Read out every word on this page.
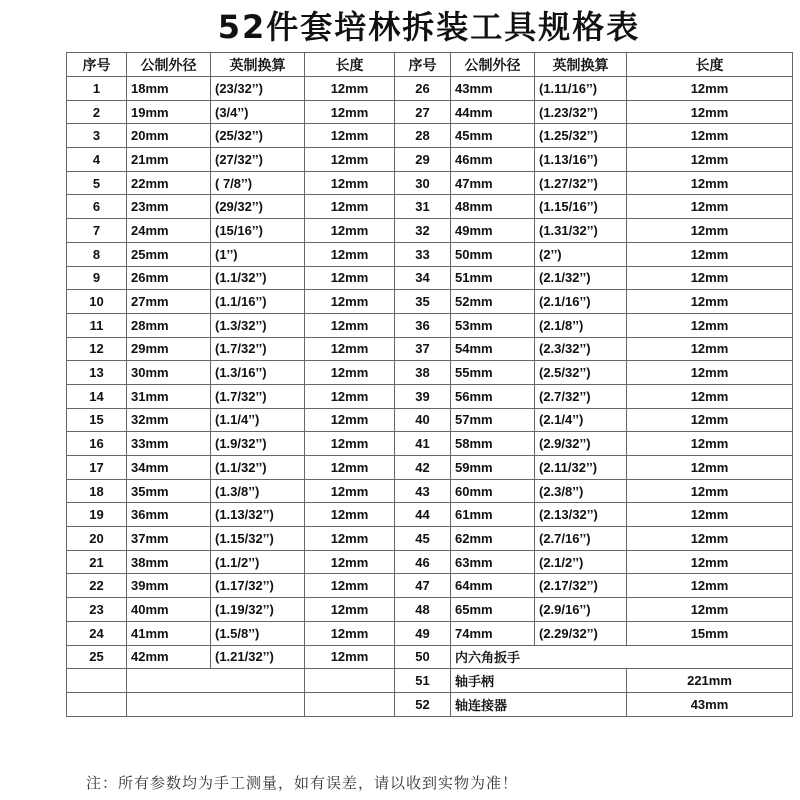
52件套培林拆装工具规格表
序号	公制外径	英制换算	长度	序号	公制外径	英制换算	长度
1	18mm	(23/32’’)	12mm	26	43mm	(1.11/16’’)	12mm
2	19mm	(3/4’’)	12mm	27	44mm	(1.23/32’’)	12mm
3	20mm	(25/32’’)	12mm	28	45mm	(1.25/32’’)	12mm
4	21mm	(27/32’’)	12mm	29	46mm	(1.13/16’’)	12mm
5	22mm	( 7/8’’)	12mm	30	47mm	(1.27/32’’)	12mm
6	23mm	(29/32’’)	12mm	31	48mm	(1.15/16’’)	12mm
7	24mm	(15/16’’)	12mm	32	49mm	(1.31/32’’)	12mm
8	25mm	(1’’)	12mm	33	50mm	(2’’)	12mm
9	26mm	(1.1/32’’)	12mm	34	51mm	(2.1/32’’)	12mm
10	27mm	(1.1/16’’)	12mm	35	52mm	(2.1/16’’)	12mm
11	28mm	(1.3/32’’)	12mm	36	53mm	(2.1/8’’)	12mm
12	29mm	(1.7/32’’)	12mm	37	54mm	(2.3/32’’)	12mm
13	30mm	(1.3/16’’)	12mm	38	55mm	(2.5/32’’)	12mm
14	31mm	(1.7/32’’)	12mm	39	56mm	(2.7/32’’)	12mm
15	32mm	(1.1/4’’)	12mm	40	57mm	(2.1/4’’)	12mm
16	33mm	(1.9/32’’)	12mm	41	58mm	(2.9/32’’)	12mm
17	34mm	(1.1/32’’)	12mm	42	59mm	(2.11/32’’)	12mm
18	35mm	(1.3/8’’)	12mm	43	60mm	(2.3/8’’)	12mm
19	36mm	(1.13/32’’)	12mm	44	61mm	(2.13/32’’)	12mm
20	37mm	(1.15/32’’)	12mm	45	62mm	(2.7/16’’)	12mm
21	38mm	(1.1/2’’)	12mm	46	63mm	(2.1/2’’)	12mm
22	39mm	(1.17/32’’)	12mm	47	64mm	(2.17/32’’)	12mm
23	40mm	(1.19/32’’)	12mm	48	65mm	(2.9/16’’)	12mm
24	41mm	(1.5/8’’)	12mm	49	74mm	(2.29/32’’)	15mm
25	42mm	(1.21/32’’)	12mm	50	内六角扳手		
				51	轴手柄		221mm
				52	轴连接器		43mm
注：所有参数均为手工测量，如有误差，请以收到实物为准！
